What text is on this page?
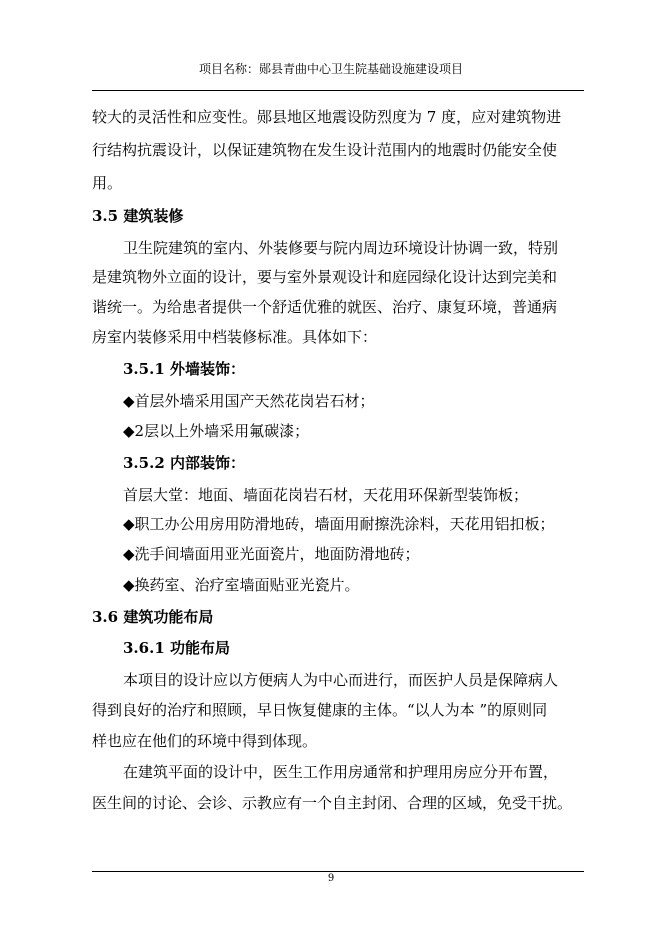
项目名称：郧县青曲中心卫生院基础设施建设项目
较大的灵活性和应变性。郧县地区地震设防烈度为 7 度，应对建筑物进
行结构抗震设计，以保证建筑物在发生设计范围内的地震时仍能安全使
用。
3.5 建筑装修
卫生院建筑的室内、外装修要与院内周边环境设计协调一致，特别
是建筑物外立面的设计，要与室外景观设计和庭园绿化设计达到完美和
谐统一。为给患者提供一个舒适优雅的就医、治疗、康复环境，普通病
房室内装修采用中档装修标准。具体如下：
3.5.1 外墙装饰：
◆首层外墙采用国产天然花岗岩石材；
◆2层以上外墙采用氟碳漆；
3.5.2 内部装饰：
首层大堂：地面、墙面花岗岩石材，天花用环保新型装饰板；
◆职工办公用房用防滑地砖，墙面用耐擦洗涂料，天花用铝扣板；
◆洗手间墙面用亚光面瓷片，地面防滑地砖；
◆换药室、治疗室墙面贴亚光瓷片。
3.6 建筑功能布局
3.6.1 功能布局
本项目的设计应以方便病人为中心而进行，而医护人员是保障病人
得到良好的治疗和照顾，早日恢复健康的主体。“以人为本 ”的原则同
样也应在他们的环境中得到体现。
在建筑平面的设计中，医生工作用房通常和护理用房应分开布置，
医生间的讨论、会诊、示教应有一个自主封闭、合理的区域，免受干扰。
9
